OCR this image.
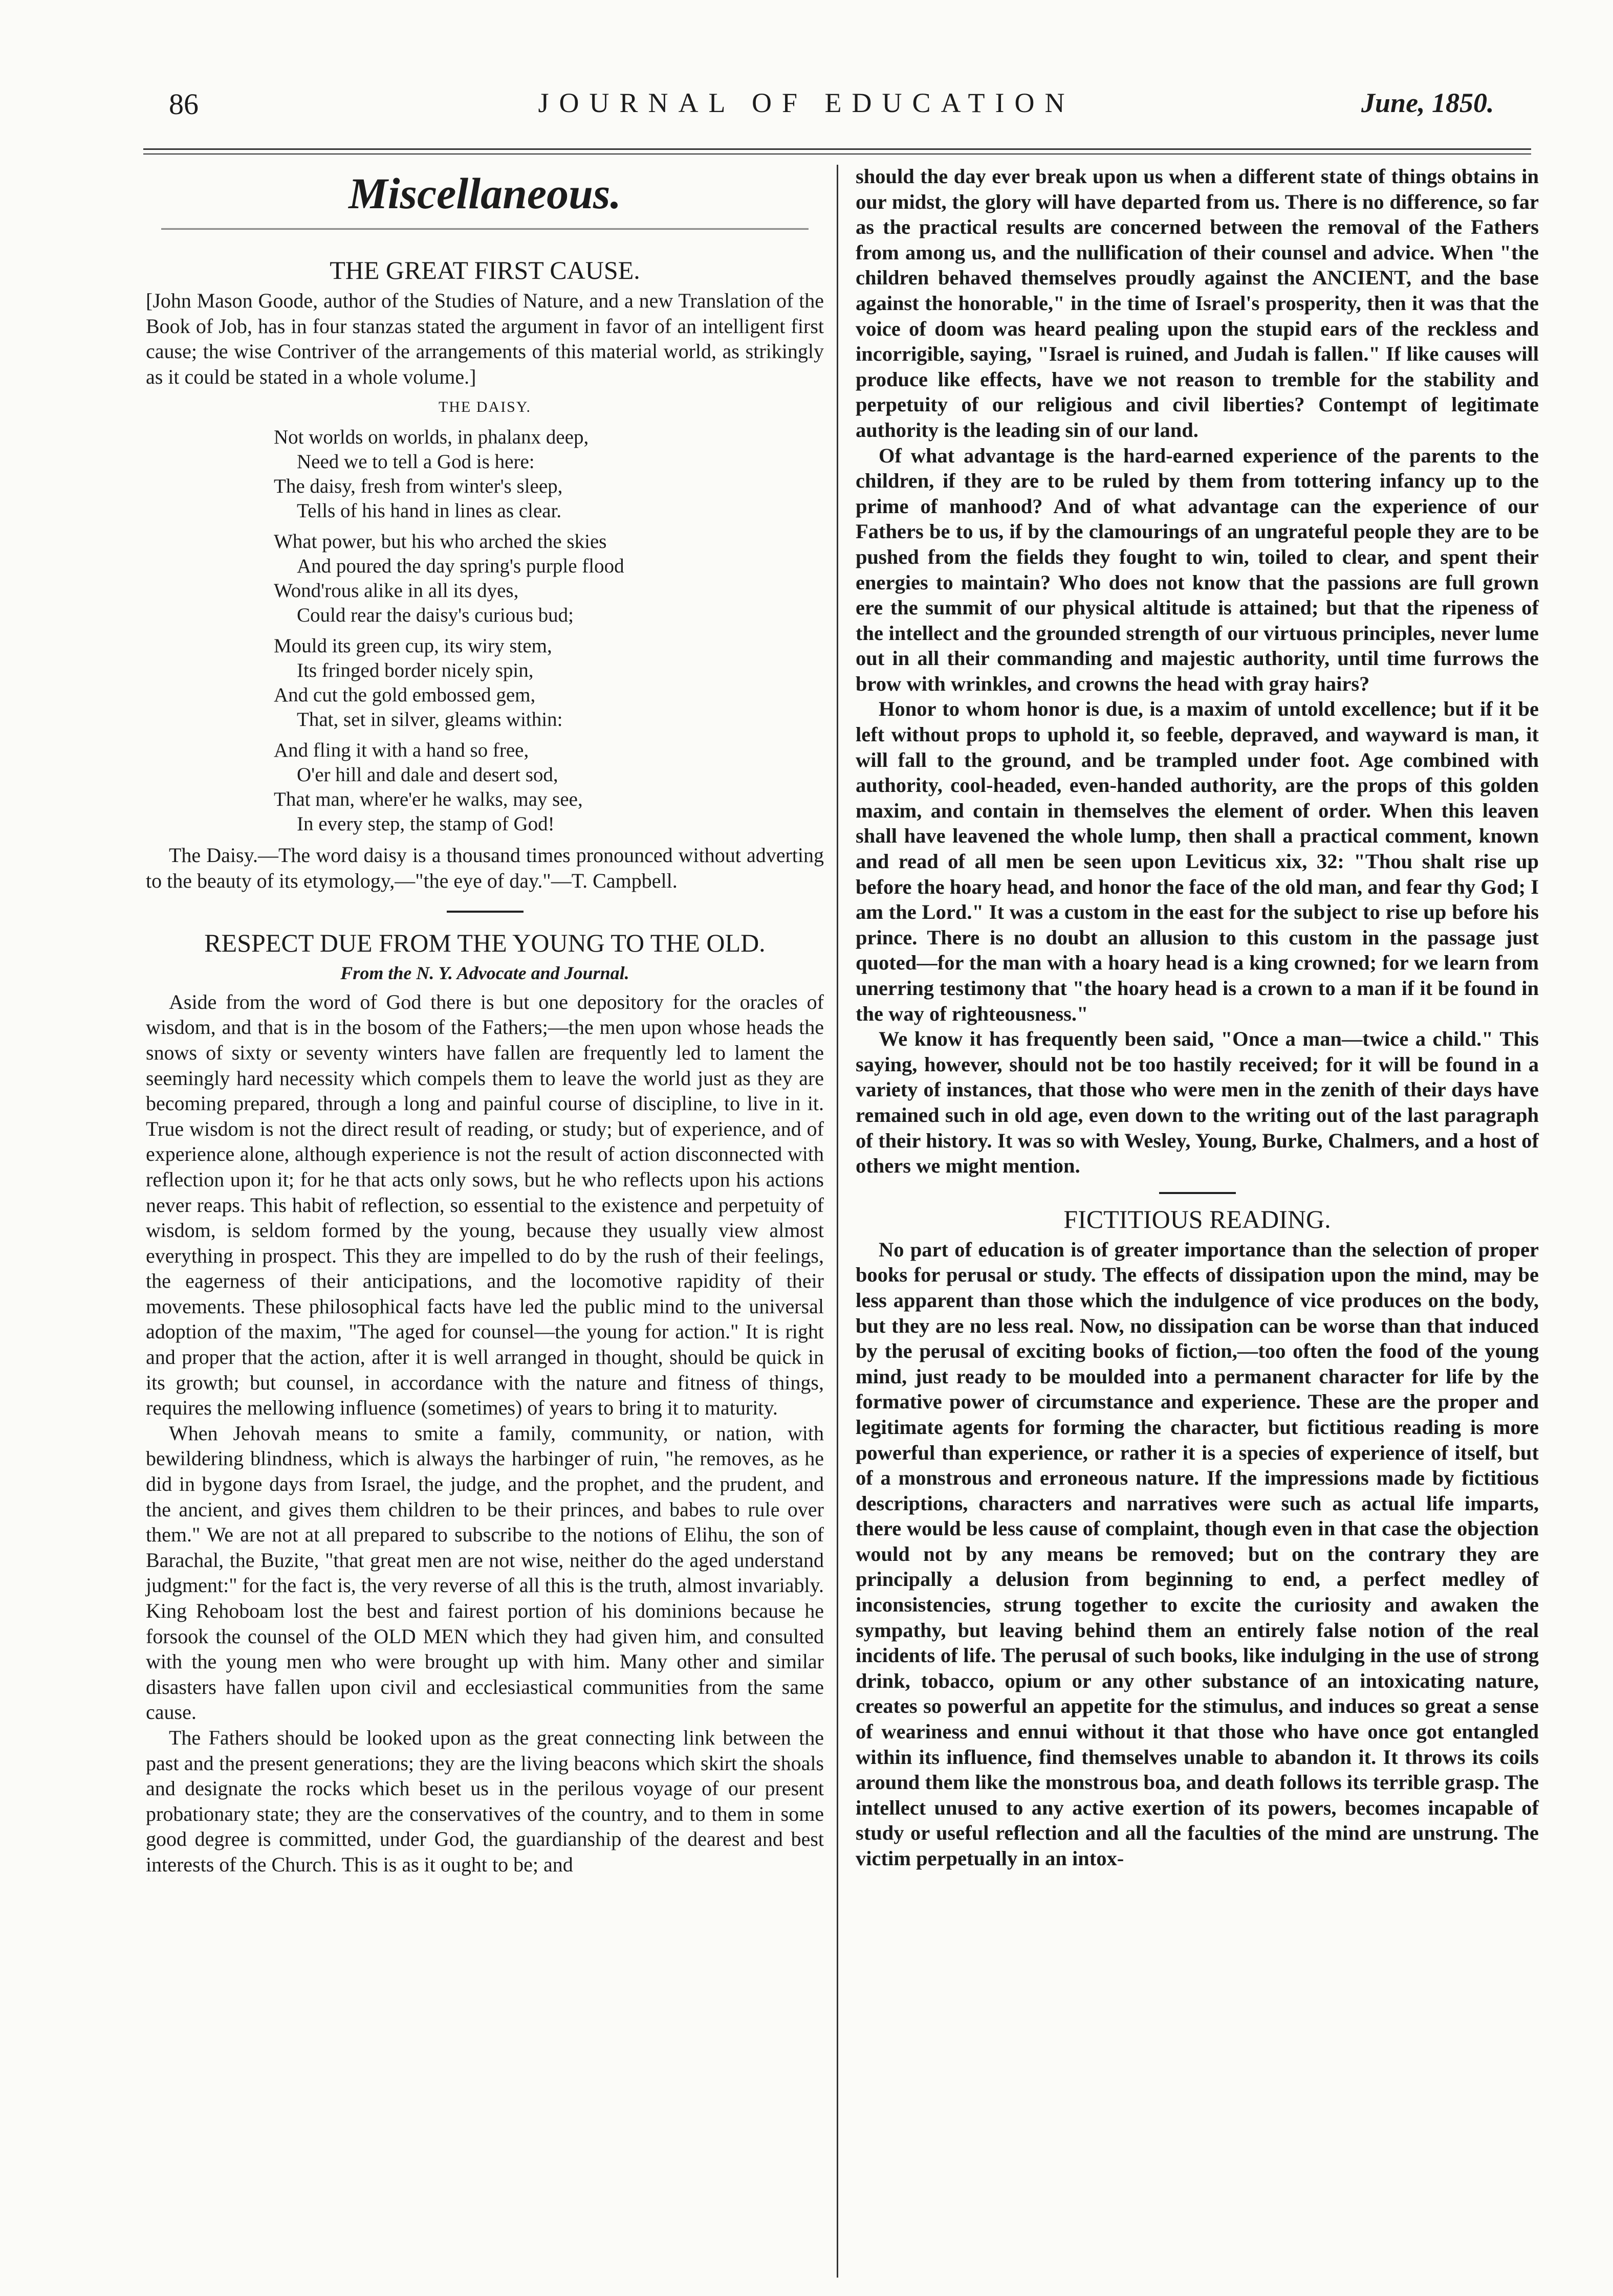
86	JOURNAL OF EDUCATION	June, 1850.
Miscellaneous.
THE GREAT FIRST CAUSE.

[John Mason Goode, author of the Studies of Nature, and a new Translation of the Book of Job, has in four stanzas stated the argument in favor of an intelligent first cause; the wise Contriver of the arrangements of this material world, as strikingly as it could be stated in a whole volume.]

THE DAISY.
Not worlds on worlds, in phalanx deep,
Need we to tell a God is here:
The daisy, fresh from winter's sleep,
Tells of his hand in lines as clear.
What power, but his who arched the skies
And poured the day spring's purple flood
Wond'rous alike in all its dyes,
Could rear the daisy's curious bud;
Mould its green cup, its wiry stem,
Its fringed border nicely spin,
And cut the gold embossed gem,
That, set in silver, gleams within:
And fling it with a hand so free,
O'er hill and dale and desert sod,
That man, where'er he walks, may see,
In every step, the stamp of God!

The Daisy.—The word daisy is a thousand times pronounced without adverting to the beauty of its etymology,—"the eye of day."—T. Campbell.

RESPECT DUE FROM THE YOUNG TO THE OLD.
From the N. Y. Advocate and Journal.

Aside from the word of God there is but one depository for the oracles of wisdom, and that is in the bosom of the Fathers;—the men upon whose heads the snows of sixty or seventy winters have fallen are frequently led to lament the seemingly hard necessity which compels them to leave the world just as they are becoming prepared, through a long and painful course of discipline, to live in it. True wisdom is not the direct result of reading, or study; but of experience, and of experience alone, although experience is not the result of action disconnected with reflection upon it; for he that acts only sows, but he who reflects upon his actions never reaps. This habit of reflection, so essential to the existence and perpetuity of wisdom, is seldom formed by the young, because they usually view almost everything in prospect. This they are impelled to do by the rush of their feelings, the eagerness of their anticipations, and the locomotive rapidity of their movements. These philosophical facts have led the public mind to the universal adoption of the maxim, "The aged for counsel—the young for action." It is right and proper that the action, after it is well arranged in thought, should be quick in its growth; but counsel, in accordance with the nature and fitness of things, requires the mellowing influence (sometimes) of years to bring it to maturity.

When Jehovah means to smite a family, community, or nation, with bewildering blindness, which is always the harbinger of ruin, "he removes, as he did in bygone days from Israel, the judge, and the prophet, and the prudent, and the ancient, and gives them children to be their princes, and babes to rule over them." We are not at all prepared to subscribe to the notions of Elihu, the son of Barachal, the Buzite, "that great men are not wise, neither do the aged understand judgment:" for the fact is, the very reverse of all this is the truth, almost invariably. King Rehoboam lost the best and fairest portion of his dominions because he forsook the counsel of the OLD MEN which they had given him, and consulted with the young men who were brought up with him. Many other and similar disasters have fallen upon civil and ecclesiastical communities from the same cause.

The Fathers should be looked upon as the great connecting link between the past and the present generations; they are the living beacons which skirt the shoals and designate the rocks which beset us in the perilous voyage of our present probationary state; they are the conservatives of the country, and to them in some good degree is committed, under God, the guardianship of the dearest and best interests of the Church. This is as it ought to be; and

should the day ever break upon us when a different state of things obtains in our midst, the glory will have departed from us. There is no difference, so far as the practical results are concerned between the removal of the Fathers from among us, and the nullification of their counsel and advice. When "the children behaved themselves proudly against the ANCIENT, and the base against the honorable," in the time of Israel's prosperity, then it was that the voice of doom was heard pealing upon the stupid ears of the reckless and incorrigible, saying, "Israel is ruined, and Judah is fallen." If like causes will produce like effects, have we not reason to tremble for the stability and perpetuity of our religious and civil liberties? Contempt of legitimate authority is the leading sin of our land.

Of what advantage is the hard-earned experience of the parents to the children, if they are to be ruled by them from tottering infancy up to the prime of manhood? And of what advantage can the experience of our Fathers be to us, if by the clamourings of an ungrateful people they are to be pushed from the fields they fought to win, toiled to clear, and spent their energies to maintain? Who does not know that the passions are full grown ere the summit of our physical altitude is attained; but that the ripeness of the intellect and the grounded strength of our virtuous principles, never lume out in all their commanding and majestic authority, until time furrows the brow with wrinkles, and crowns the head with gray hairs?

Honor to whom honor is due, is a maxim of untold excellence; but if it be left without props to uphold it, so feeble, depraved, and wayward is man, it will fall to the ground, and be trampled under foot. Age combined with authority, cool-headed, even-handed authority, are the props of this golden maxim, and contain in themselves the element of order. When this leaven shall have leavened the whole lump, then shall a practical comment, known and read of all men be seen upon Leviticus xix, 32: "Thou shalt rise up before the hoary head, and honor the face of the old man, and fear thy God; I am the Lord." It was a custom in the east for the subject to rise up before his prince. There is no doubt an allusion to this custom in the passage just quoted—for the man with a hoary head is a king crowned; for we learn from unerring testimony that "the hoary head is a crown to a man if it be found in the way of righteousness."

We know it has frequently been said, "Once a man—twice a child." This saying, however, should not be too hastily received; for it will be found in a variety of instances, that those who were men in the zenith of their days have remained such in old age, even down to the writing out of the last paragraph of their history. It was so with Wesley, Young, Burke, Chalmers, and a host of others we might mention.

FICTITIOUS READING.

No part of education is of greater importance than the selection of proper books for perusal or study. The effects of dissipation upon the mind, may be less apparent than those which the indulgence of vice produces on the body, but they are no less real. Now, no dissipation can be worse than that induced by the perusal of exciting books of fiction,—too often the food of the young mind, just ready to be moulded into a permanent character for life by the formative power of circumstance and experience. These are the proper and legitimate agents for forming the character, but fictitious reading is more powerful than experience, or rather it is a species of experience of itself, but of a monstrous and erroneous nature. If the impressions made by fictitious descriptions, characters and narratives were such as actual life imparts, there would be less cause of complaint, though even in that case the objection would not by any means be removed; but on the contrary they are principally a delusion from beginning to end, a perfect medley of inconsistencies, strung together to excite the curiosity and awaken the sympathy, but leaving behind them an entirely false notion of the real incidents of life. The perusal of such books, like indulging in the use of strong drink, tobacco, opium or any other substance of an intoxicating nature, creates so powerful an appetite for the stimulus, and induces so great a sense of weariness and ennui without it that those who have once got entangled within its influence, find themselves unable to abandon it. It throws its coils around them like the monstrous boa, and death follows its terrible grasp. The intellect unused to any active exertion of its powers, becomes incapable of study or useful reflection and all the faculties of the mind are unstrung. The victim perpetually in an intox-
